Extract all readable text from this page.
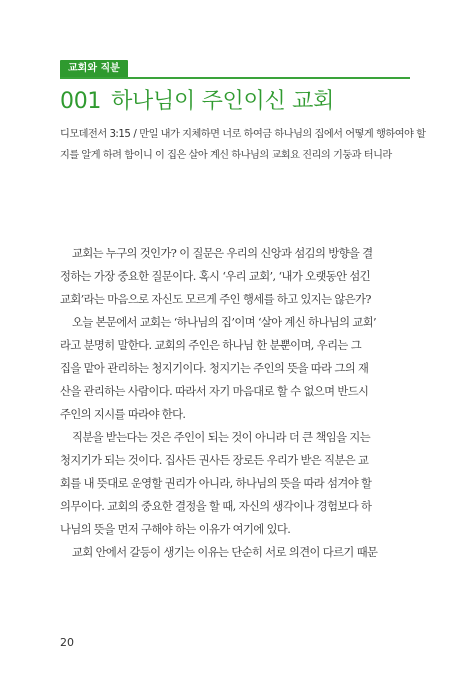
교회와 직분
001 하나님이 주인이신 교회
디모데전서 3:15 / 만일 내가 지체하면 너로 하여금 하나님의 집에서 어떻게 행하여야 할
지를 알게 하려 함이니 이 집은 살아 계신 하나님의 교회요 진리의 기둥과 터니라
교회는 누구의 것인가? 이 질문은 우리의 신앙과 섬김의 방향을 결
정하는 가장 중요한 질문이다. 혹시 ‘우리 교회’, ‘내가 오랫동안 섬긴
교회’라는 마음으로 자신도 모르게 주인 행세를 하고 있지는 않은가?
오늘 본문에서 교회는 ‘하나님의 집’이며 ‘살아 계신 하나님의 교회’
라고 분명히 말한다. 교회의 주인은 하나님 한 분뿐이며, 우리는 그
집을 맡아 관리하는 청지기이다. 청지기는 주인의 뜻을 따라 그의 재
산을 관리하는 사람이다. 따라서 자기 마음대로 할 수 없으며 반드시
주인의 지시를 따라야 한다.
직분을 받는다는 것은 주인이 되는 것이 아니라 더 큰 책임을 지는
청지기가 되는 것이다. 집사든 권사든 장로든 우리가 받은 직분은 교
회를 내 뜻대로 운영할 권리가 아니라, 하나님의 뜻을 따라 섬겨야 할
의무이다. 교회의 중요한 결정을 할 때, 자신의 생각이나 경험보다 하
나님의 뜻을 먼저 구해야 하는 이유가 여기에 있다.
교회 안에서 갈등이 생기는 이유는 단순히 서로 의견이 다르기 때문
20
